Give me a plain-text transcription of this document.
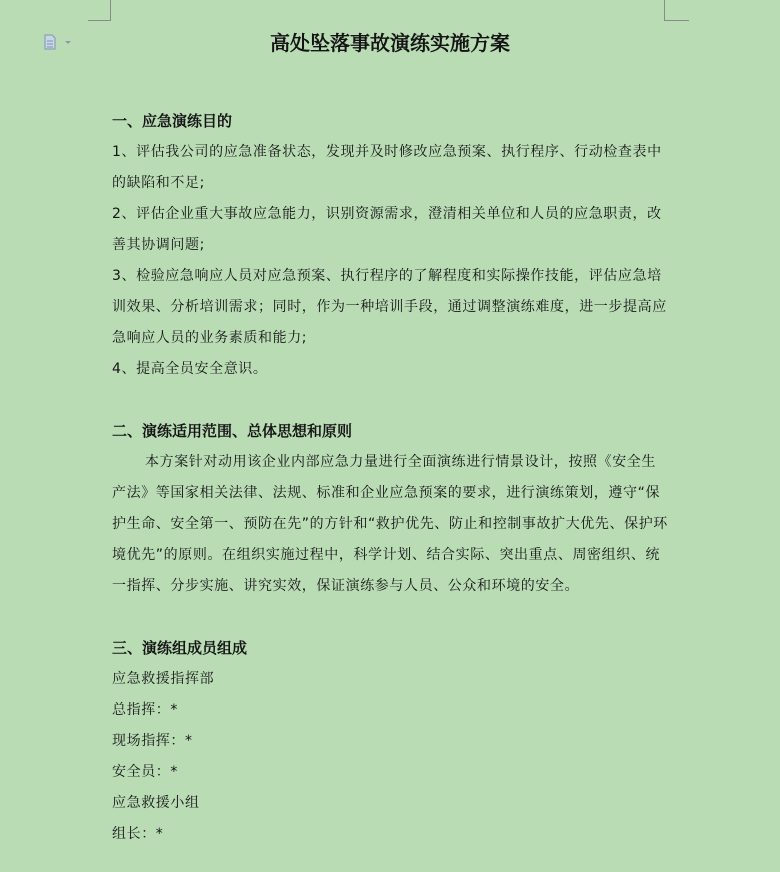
高处坠落事故演练实施方案

一、应急演练目的

1、评估我公司的应急准备状态，发现并及时修改应急预案、执行程序、行动检查表中的缺陷和不足;

2、评估企业重大事故应急能力，识别资源需求，澄清相关单位和人员的应急职责，改善其协调问题;

3、检验应急响应人员对应急预案、执行程序的了解程度和实际操作技能，评估应急培训效果、分析培训需求；同时，作为一种培训手段，通过调整演练难度，进一步提高应急响应人员的业务素质和能力;

4、提高全员安全意识。

二、演练适用范围、总体思想和原则

本方案针对动用该企业内部应急力量进行全面演练进行情景设计，按照《安全生产法》等国家相关法律、法规、标准和企业应急预案的要求，进行演练策划，遵守“保护生命、安全第一、预防在先”的方针和“救护优先、防止和控制事故扩大优先、保护环境优先”的原则。在组织实施过程中，科学计划、结合实际、突出重点、周密组织、统一指挥、分步实施、讲究实效，保证演练参与人员、公众和环境的安全。

三、演练组成员组成

应急救援指挥部

总指挥：*

现场指挥：*

安全员：*

应急救援小组

组长：*
